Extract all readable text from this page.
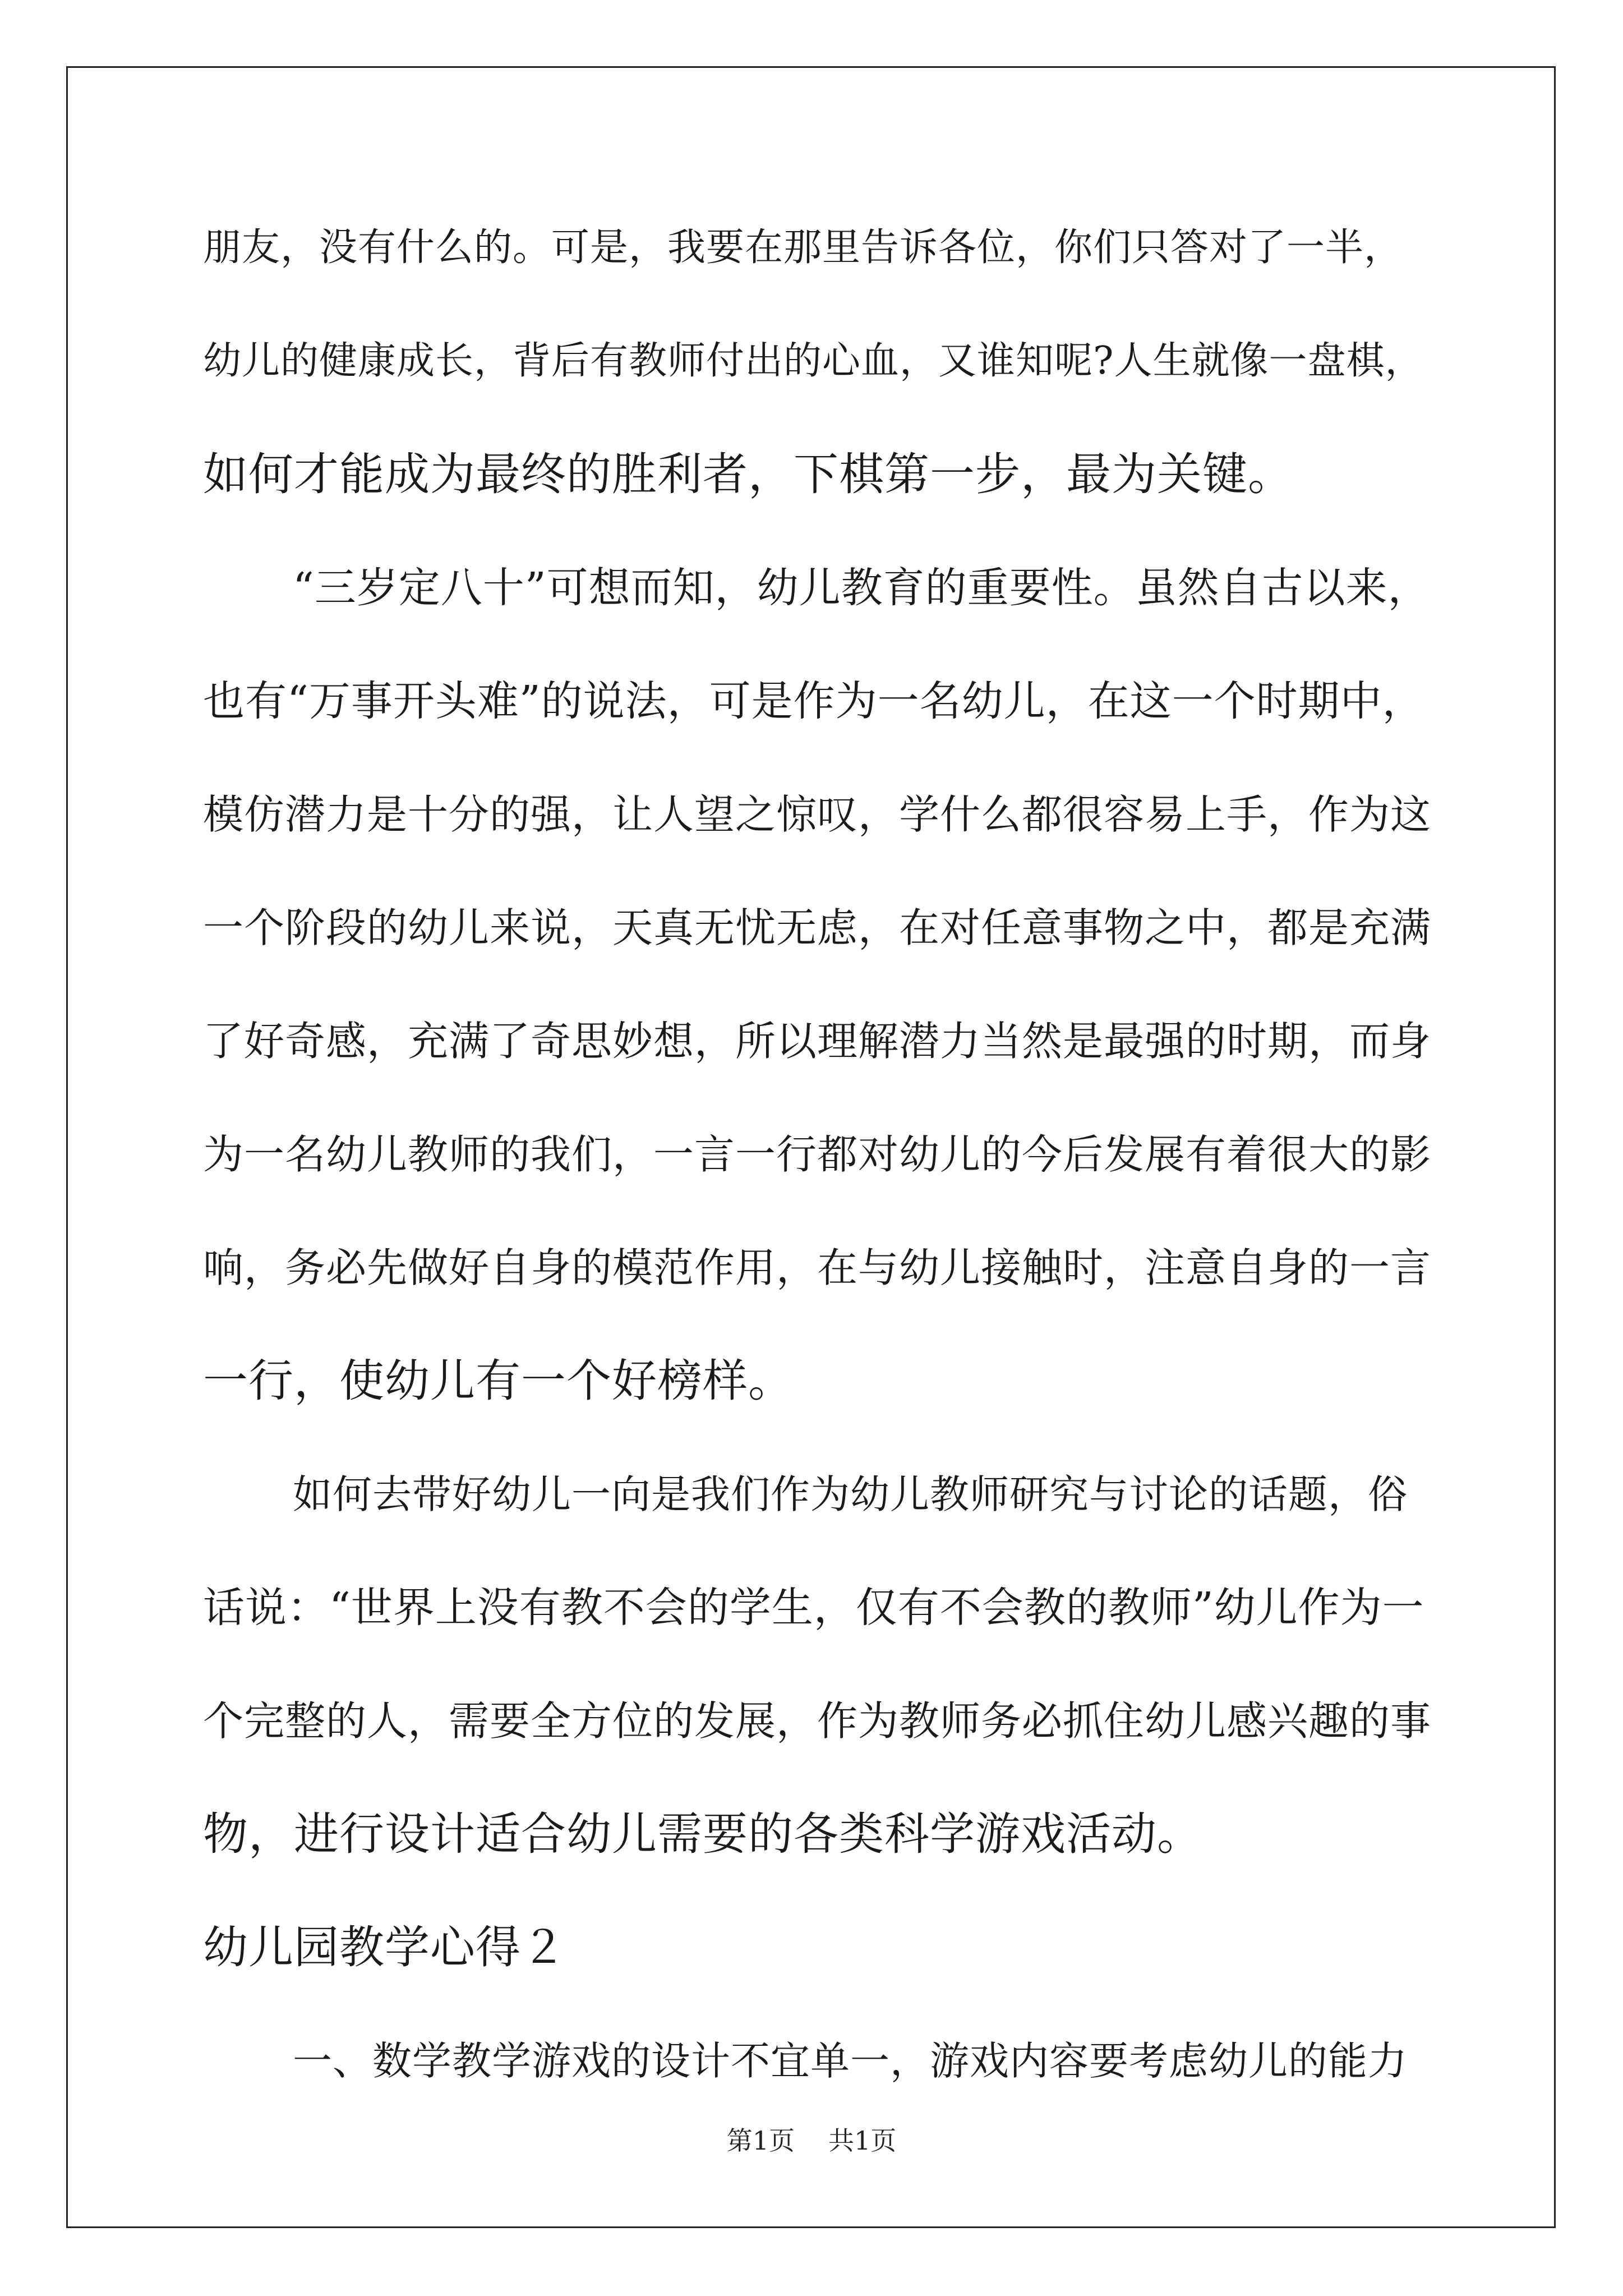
朋友，没有什么的。可是，我要在那里告诉各位，你们只答对了一半，
幼儿的健康成长，背后有教师付出的心血，又谁知呢?人生就像一盘棋，
如何才能成为最终的胜利者，下棋第一步，最为关键。
“三岁定八十”可想而知，幼儿教育的重要性。虽然自古以来，
也有“万事开头难”的说法，可是作为一名幼儿，在这一个时期中，
模仿潜力是十分的强，让人望之惊叹，学什么都很容易上手，作为这
一个阶段的幼儿来说，天真无忧无虑，在对任意事物之中，都是充满
了好奇感，充满了奇思妙想，所以理解潜力当然是最强的时期，而身
为一名幼儿教师的我们，一言一行都对幼儿的今后发展有着很大的影
响，务必先做好自身的模范作用，在与幼儿接触时，注意自身的一言
一行，使幼儿有一个好榜样。
如何去带好幼儿一向是我们作为幼儿教师研究与讨论的话题，俗
话说：“世界上没有教不会的学生，仅有不会教的教师”幼儿作为一
个完整的人，需要全方位的发展，作为教师务必抓住幼儿感兴趣的事
物，进行设计适合幼儿需要的各类科学游戏活动。
幼儿园教学心得２
一、数学教学游戏的设计不宜单一，游戏内容要考虑幼儿的能力
第1页 共1页
